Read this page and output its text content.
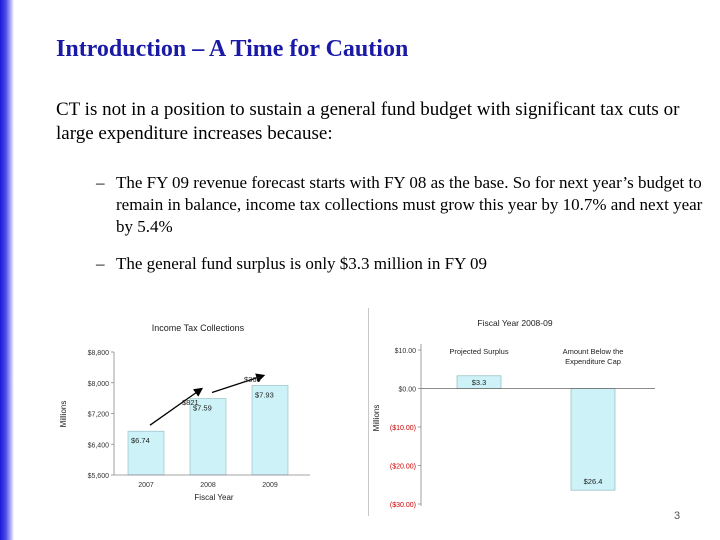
Introduction – A Time for Caution

CT is not in a position to sustain a general fund budget with significant tax cuts or large expenditure increases because:

– The FY 09 revenue forecast starts with FY 08 as the base. So for next year’s budget to remain in balance, income tax collections must grow this year by 10.7% and next year by 5.4%
– The general fund surplus is only $3.3 million in FY 09
Income Tax Collections
Millions
Fiscal Year
$5,600
$6,400
$7,200
$8,000
$8,800
$6.74
2007
$7.59
2008
$7.93
2009
$821
$360
Fiscal Year 2008-09
Millions
$10.00
$0.00
($10.00)
($20.00)
($30.00)
Projected Surplus	Amount Below the Expenditure Cap
$3.3
$26.4
3
